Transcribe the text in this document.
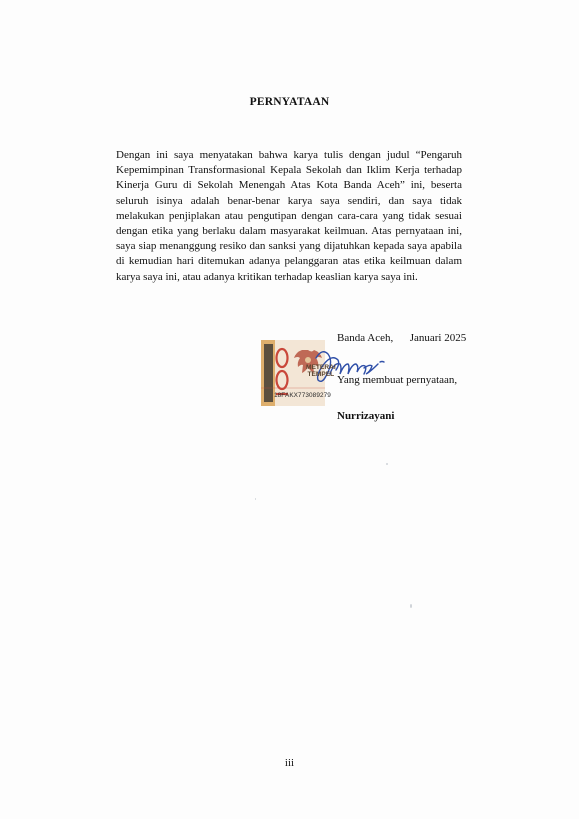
PERNYATAAN
Dengan ini saya menyatakan bahwa karya tulis dengan judul “Pengaruh Kepemimpinan Transformasional Kepala Sekolah dan Iklim Kerja terhadap Kinerja Guru di Sekolah Menengah Atas Kota Banda Aceh” ini, beserta seluruh isinya adalah benar-benar karya saya sendiri, dan saya tidak melakukan penjiplakan atau pengutipan dengan cara-cara yang tidak sesuai dengan etika yang berlaku dalam masyarakat keilmuan. Atas pernyataan ini, saya siap menanggung resiko dan sanksi yang dijatuhkan kepada saya apabila di kemudian hari ditemukan adanya pelanggaran atas etika keilmuan dalam karya saya ini, atau adanya kritikan terhadap keaslian karya saya ini.

Banda Aceh,      Januari 2025

Yang membuat pernyataan,

METERAI
TEMPEL
18FAKX773089279
Nurrizayani
iii
